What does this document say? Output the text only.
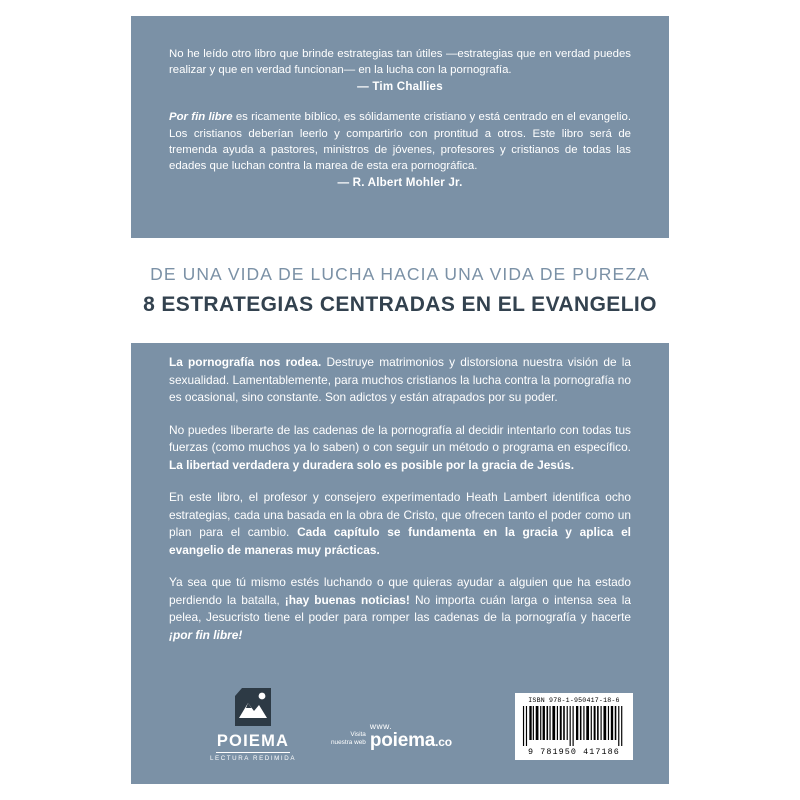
No he leído otro libro que brinde estrategias tan útiles —estrategias que en verdad puedes realizar y que en verdad funcionan— en la lucha con la pornografía.

— Tim Challies

Por fin libre es ricamente bíblico, es sólidamente cristiano y está centrado en el evangelio. Los cristianos deberían leerlo y compartirlo con prontitud a otros. Este libro será de tremenda ayuda a pastores, ministros de jóvenes, profesores y cristianos de todas las edades que luchan contra la marea de esta era pornográfica.

— R. Albert Mohler Jr.

DE UNA VIDA DE LUCHA HACIA UNA VIDA DE PUREZA
8 ESTRATEGIAS CENTRADAS EN EL EVANGELIO

La pornografía nos rodea. Destruye matrimonios y distorsiona nuestra visión de la sexualidad. Lamentablemente, para muchos cristianos la lucha contra la pornografía no es ocasional, sino constante. Son adictos y están atrapados por su poder.

No puedes liberarte de las cadenas de la pornografía al decidir intentarlo con todas tus fuerzas (como muchos ya lo saben) o con seguir un método o programa en específico. La libertad verdadera y duradera solo es posible por la gracia de Jesús.

En este libro, el profesor y consejero experimentado Heath Lambert identifica ocho estrategias, cada una basada en la obra de Cristo, que ofrecen tanto el poder como un plan para el cambio. Cada capítulo se fundamenta en la gracia y aplica el evangelio de maneras muy prácticas.

Ya sea que tú mismo estés luchando o que quieras ayudar a alguien que ha estado perdiendo la batalla, ¡hay buenas noticias! No importa cuán larga o intensa sea la pelea, Jesucristo tiene el poder para romper las cadenas de la pornografía y hacerte ¡por fin libre!

POIEMA
LECTURA REDIMIDA
Visita
nuestra web
www.
poiema.co
ISBN 978-1-950417-18-6
9 781950 417186
